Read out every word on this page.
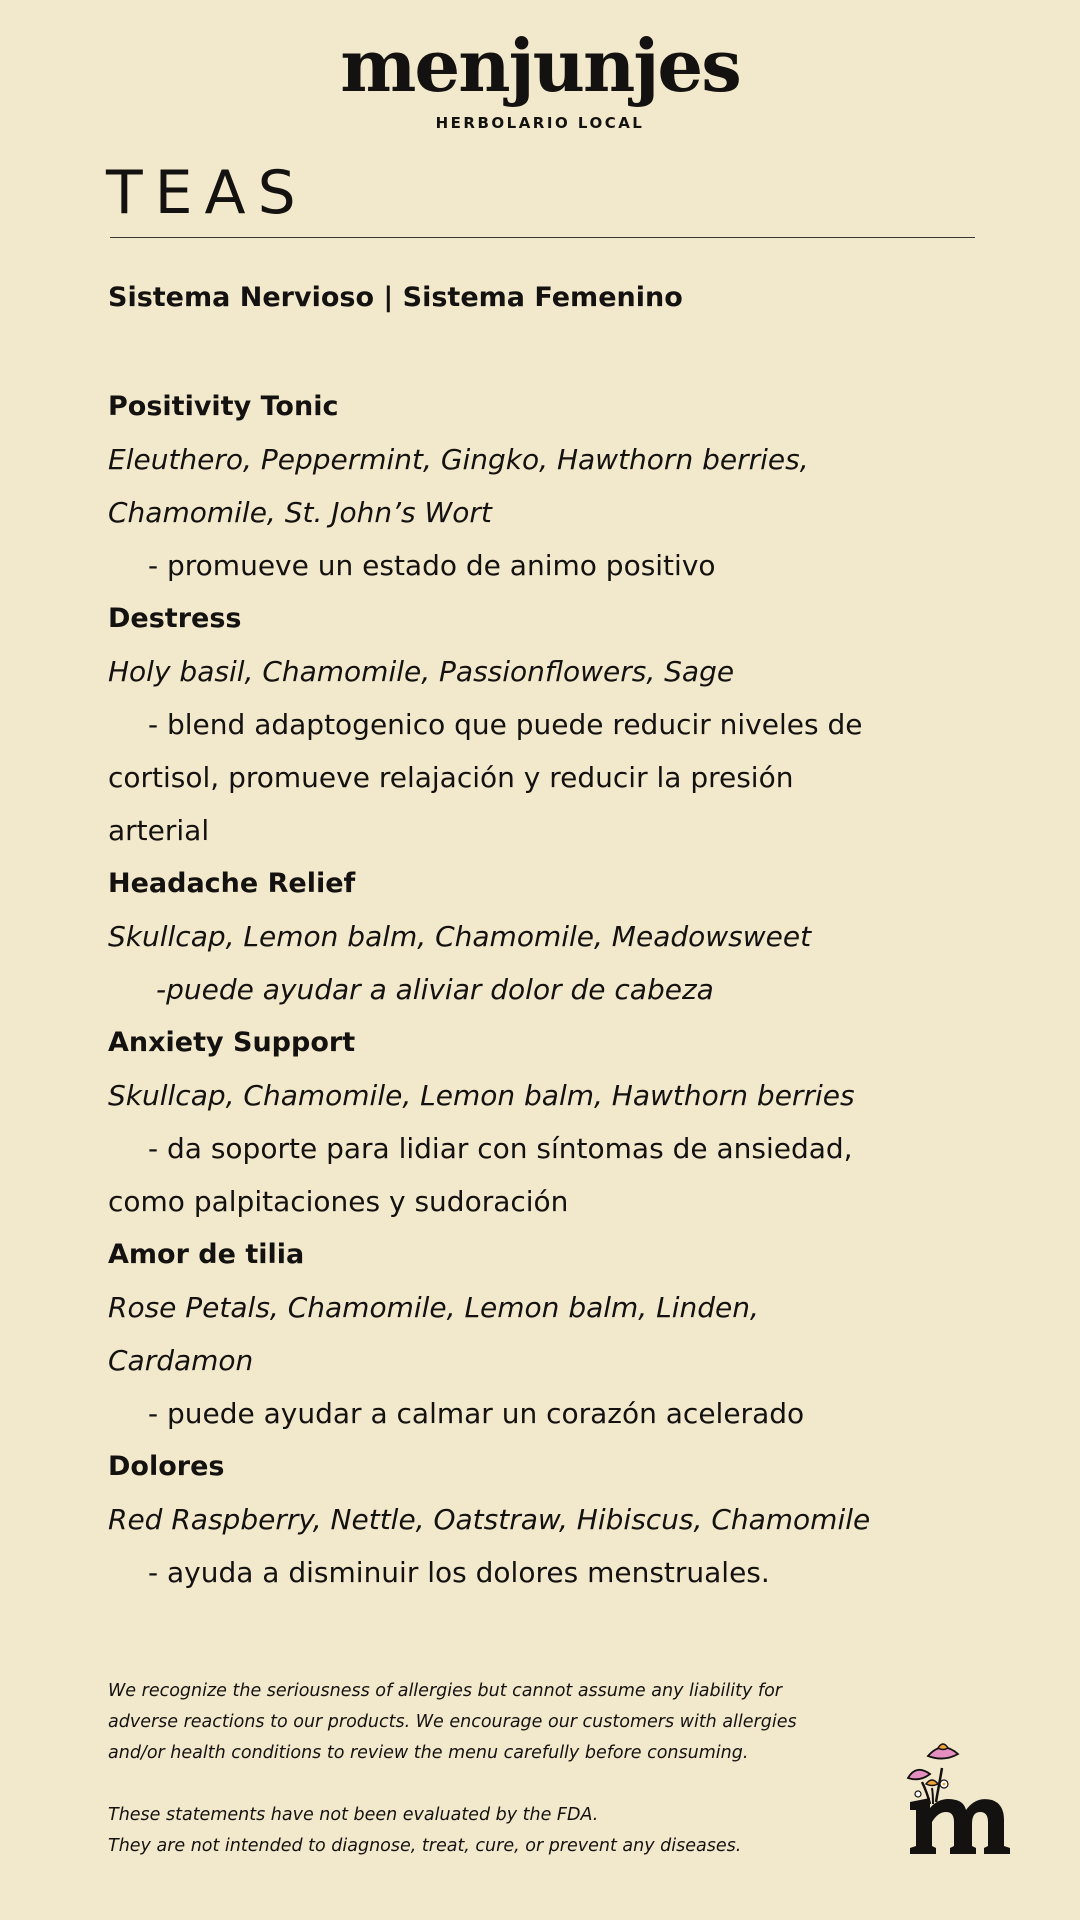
menjunjes
HERBOLARIO LOCAL
TEAS
Sistema Nervioso | Sistema Femenino

Positivity Tonic

Eleuthero, Peppermint, Gingko, Hawthorn berries,

Chamomile, St. John’s Wort

- promueve un estado de animo positivo

Destress

Holy basil, Chamomile, Passionflowers, Sage

- blend adaptogenico que puede reducir niveles de

cortisol, promueve relajación y reducir la presión

arterial

Headache Relief

Skullcap, Lemon balm, Chamomile, Meadowsweet

-puede ayudar a aliviar dolor de cabeza

Anxiety Support

Skullcap, Chamomile, Lemon balm, Hawthorn berries

- da soporte para lidiar con síntomas de ansiedad,

como palpitaciones y sudoración

Amor de tilia

Rose Petals, Chamomile, Lemon balm, Linden,

Cardamon

- puede ayudar a calmar un corazón acelerado

Dolores

Red Raspberry, Nettle, Oatstraw, Hibiscus, Chamomile

- ayuda a disminuir los dolores menstruales.

We recognize the seriousness of allergies but cannot assume any liability for

adverse reactions to our products. We encourage our customers with allergies

and/or health conditions to review the menu carefully before consuming.

These statements have not been evaluated by the FDA.

They are not intended to diagnose, treat, cure, or prevent any diseases.
